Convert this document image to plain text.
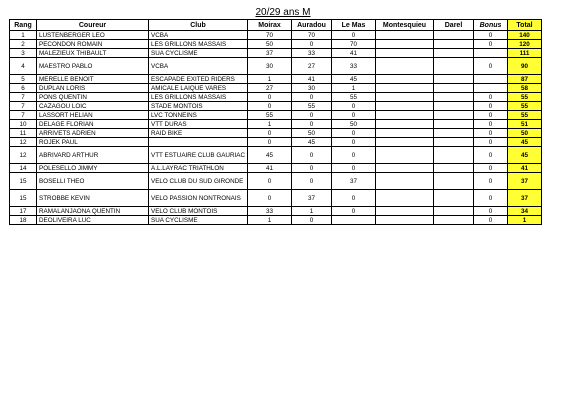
20/29 ans M
Rang	Coureur	Club	Moirax	Auradou	Le Mas	Montesquieu	Darel	Bonus	Total
1	LUSTENBERGER LEO	VCBA	70	70	0			0	140
2	PECONDON ROMAIN	LES GRILLONS MASSAIS	50	0	70			0	120
3	MALEZIEUX THIBAULT	SUA CYCLISME	37	33	41				111
4	MAESTRO PABLO	VCBA	30	27	33			0	90
5	MERELLE BENOIT	ESCAPADE EXITED RIDERS	1	41	45				87
6	DUPLAN LORIS	AMICALE LAIQUE VARES	27	30	1				58
7	PONS QUENTIN	LES GRILLONS MASSAIS	0	0	55			0	55
7	CAZAGOU LOIC	STADE MONTOIS	0	55	0			0	55
7	LASSORT HELIAN	LVC TONNEINS	55	0	0			0	55
10	DELAGE FLORIAN	VTT DURAS	1	0	50			0	51
11	ARRIVETS ADRIEN	RAID BIKE	0	50	0			0	50
12	ROJEK PAUL		0	45	0			0	45
12	ABRIVARD ARTHUR	VTT ESTUAIRE CLUB GAURIAC	45	0	0			0	45
14	POLESELLO JIMMY	A.L.LAYRAC TRIATHLON	41	0	0			0	41
15	BOSELLI THEO	VELO CLUB DU SUD GIRONDE	0	0	37			0	37
15	STROBBE KEVIN	VELO PASSION NONTRONAIS	0	37	0			0	37
17	RAMALANJAONA QUENTIN	VELO CLUB MONTOIS	33	1	0			0	34
18	DEOLIVEIRA LUC	SUA CYCLISME	1	0				0	1
